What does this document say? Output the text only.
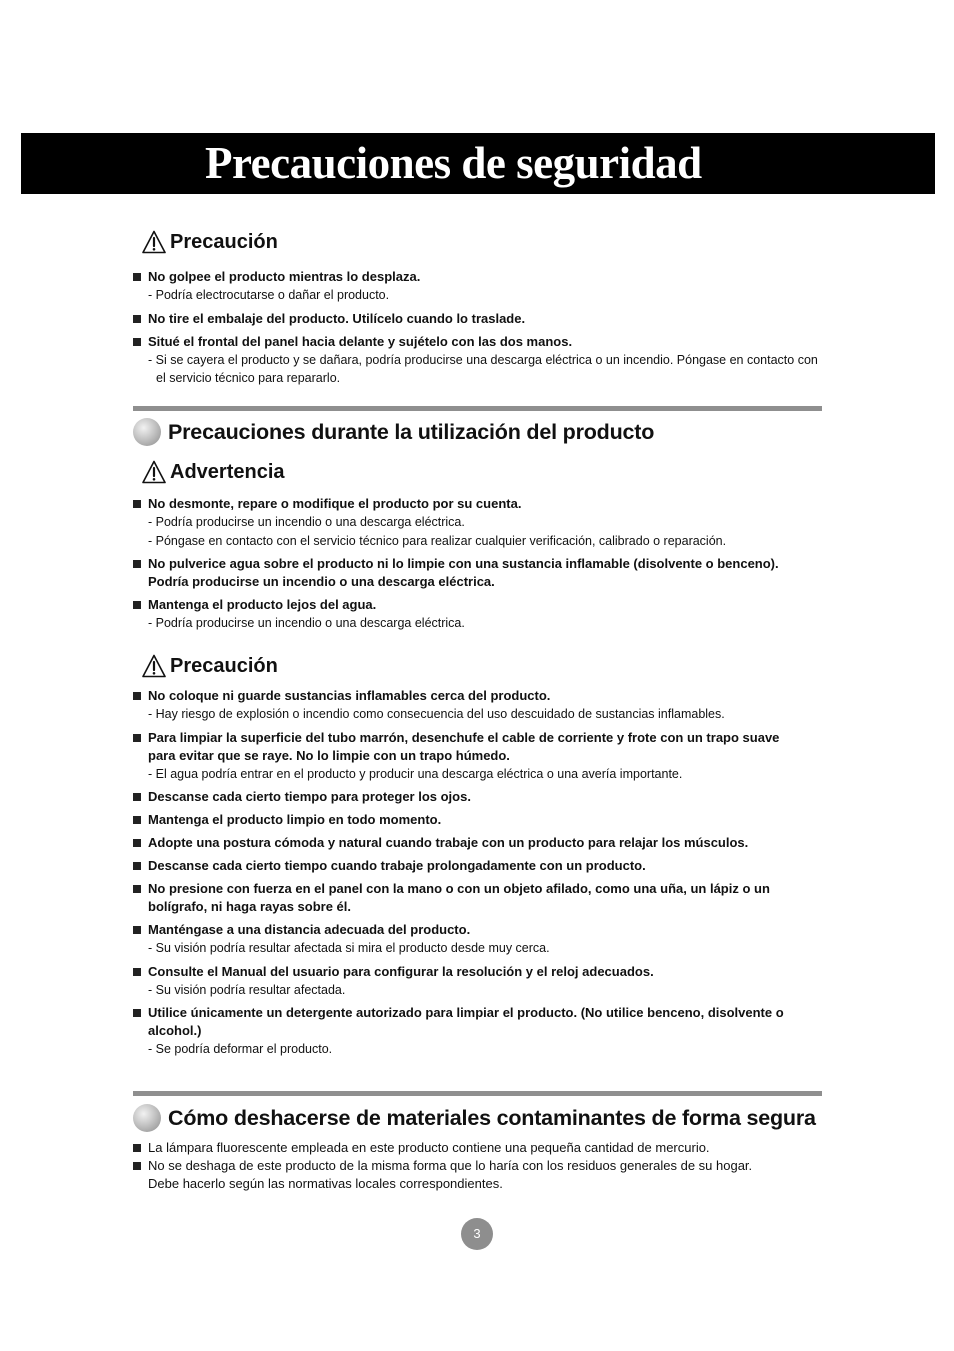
Precauciones de seguridad
Precaución
No golpee el producto mientras lo desplaza.
- Podría electrocutarse o dañar el producto.
No tire el embalaje del producto. Utilícelo cuando lo traslade.
Situé el frontal del panel hacia delante y sujételo con las dos manos.
- Si se cayera el producto y se dañara, podría producirse una descarga eléctrica o un incendio. Póngase en contacto con el servicio técnico para repararlo.
Precauciones durante la utilización del producto
Advertencia
No desmonte, repare o modifique el producto por su cuenta.
- Podría producirse un incendio o una descarga eléctrica.
- Póngase en contacto con el servicio técnico para realizar cualquier verificación, calibrado o reparación.
No pulverice agua sobre el producto ni lo limpie con una sustancia inflamable (disolvente o benceno).
Podría producirse un incendio o una descarga eléctrica.
Mantenga el producto lejos del agua.
- Podría producirse un incendio o una descarga eléctrica.
Precaución
No coloque ni guarde sustancias inflamables cerca del producto.
- Hay riesgo de explosión o incendio como consecuencia del uso descuidado de sustancias inflamables.
Para limpiar la superficie del tubo marrón, desenchufe el cable de corriente y frote con un trapo suave
para evitar que se raye. No lo limpie con un trapo húmedo.
- El agua podría entrar en el producto y producir una descarga eléctrica o una avería importante.
Descanse cada cierto tiempo para proteger los ojos.
Mantenga el producto limpio en todo momento.
Adopte una postura cómoda y natural cuando trabaje con un producto para relajar los músculos.
Descanse cada cierto tiempo cuando trabaje prolongadamente con un producto.
No presione con fuerza en el panel con la mano o con un objeto afilado, como una uña, un lápiz o un
bolígrafo, ni haga rayas sobre él.
Manténgase a una distancia adecuada del producto.
- Su visión podría resultar afectada si mira el producto desde muy cerca.
Consulte el Manual del usuario para configurar la resolución y el reloj adecuados.
- Su visión podría resultar afectada.
Utilice únicamente un detergente autorizado para limpiar el producto. (No utilice benceno, disolvente o
alcohol.)
- Se podría deformar el producto.
Cómo deshacerse de materiales contaminantes de forma segura
La lámpara fluorescente empleada en este producto contiene una pequeña cantidad de mercurio.
No se deshaga de este producto de la misma forma que lo haría con los residuos generales de su hogar.
Debe hacerlo según las normativas locales correspondientes.
3
